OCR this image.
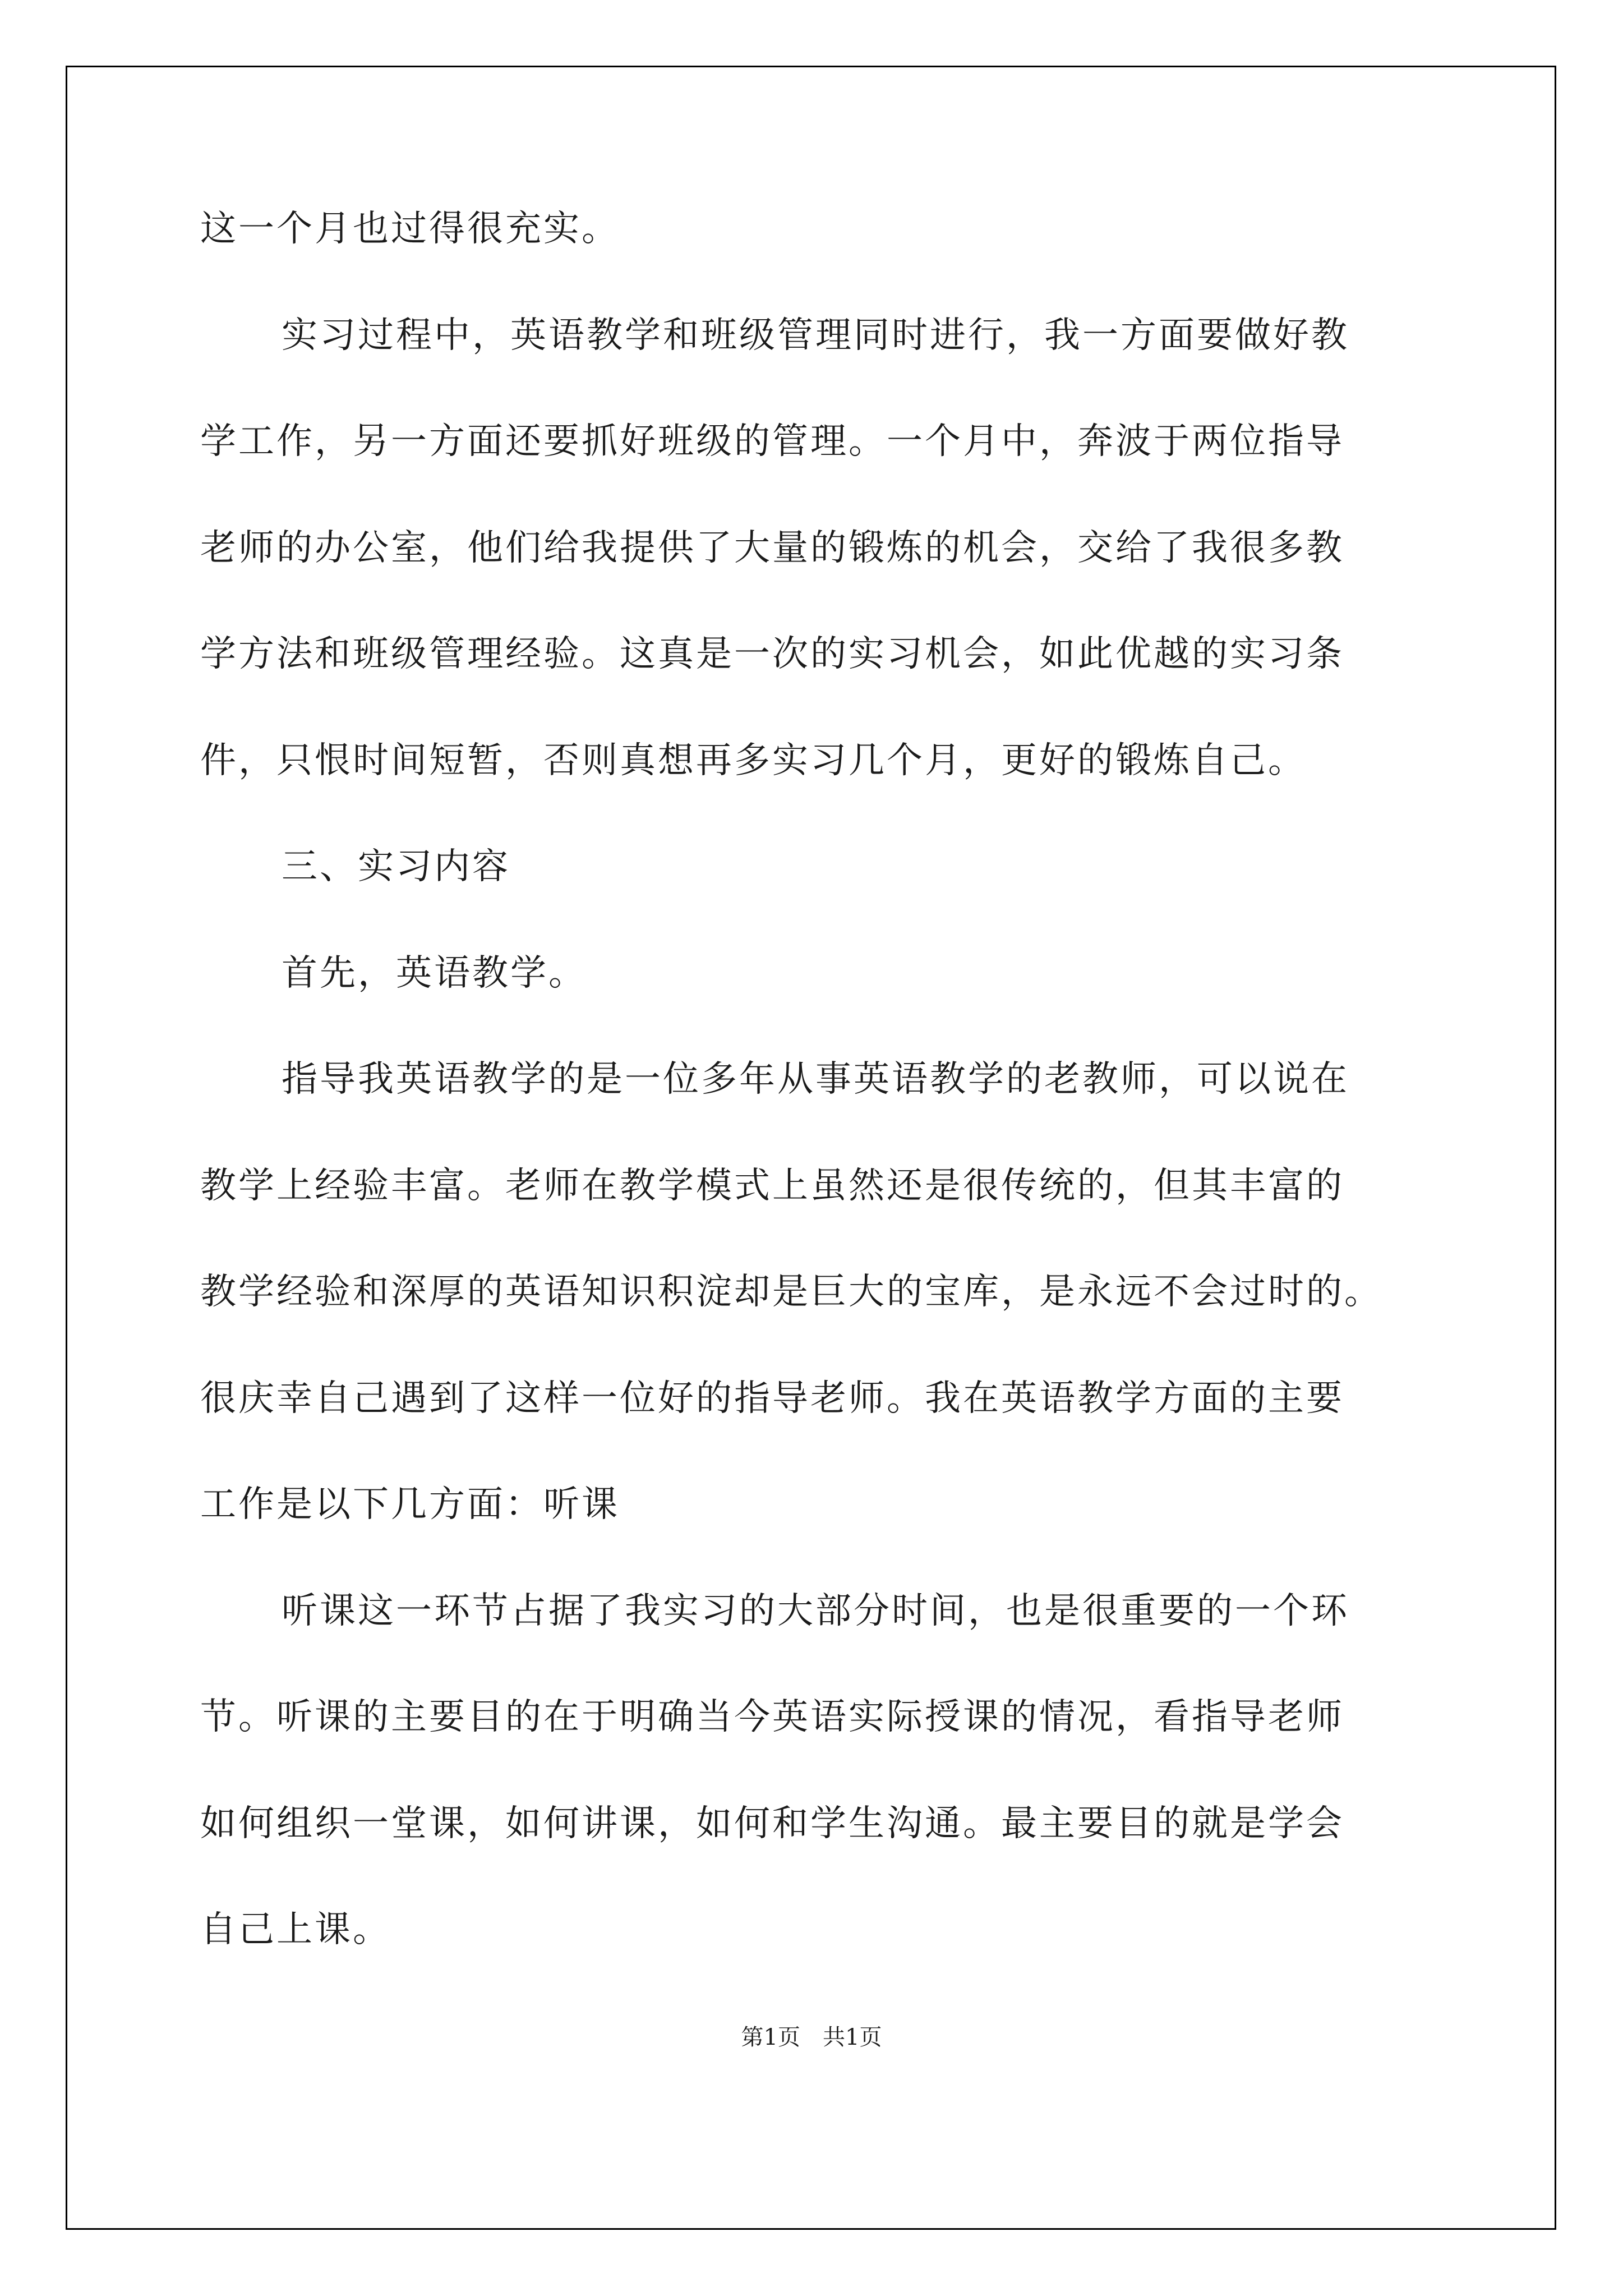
这一个月也过得很充实。
实习过程中，英语教学和班级管理同时进行，我一方面要做好教
学工作，另一方面还要抓好班级的管理。一个月中，奔波于两位指导
老师的办公室，他们给我提供了大量的锻炼的机会，交给了我很多教
学方法和班级管理经验。这真是一次的实习机会，如此优越的实习条
件，只恨时间短暂，否则真想再多实习几个月，更好的锻炼自己。
三、实习内容
首先，英语教学。
指导我英语教学的是一位多年从事英语教学的老教师，可以说在
教学上经验丰富。老师在教学模式上虽然还是很传统的，但其丰富的
教学经验和深厚的英语知识积淀却是巨大的宝库，是永远不会过时的。
很庆幸自己遇到了这样一位好的指导老师。我在英语教学方面的主要
工作是以下几方面：听课
听课这一环节占据了我实习的大部分时间，也是很重要的一个环
节。听课的主要目的在于明确当今英语实际授课的情况，看指导老师
如何组织一堂课，如何讲课，如何和学生沟通。最主要目的就是学会
自己上课。
第1页　共1页
